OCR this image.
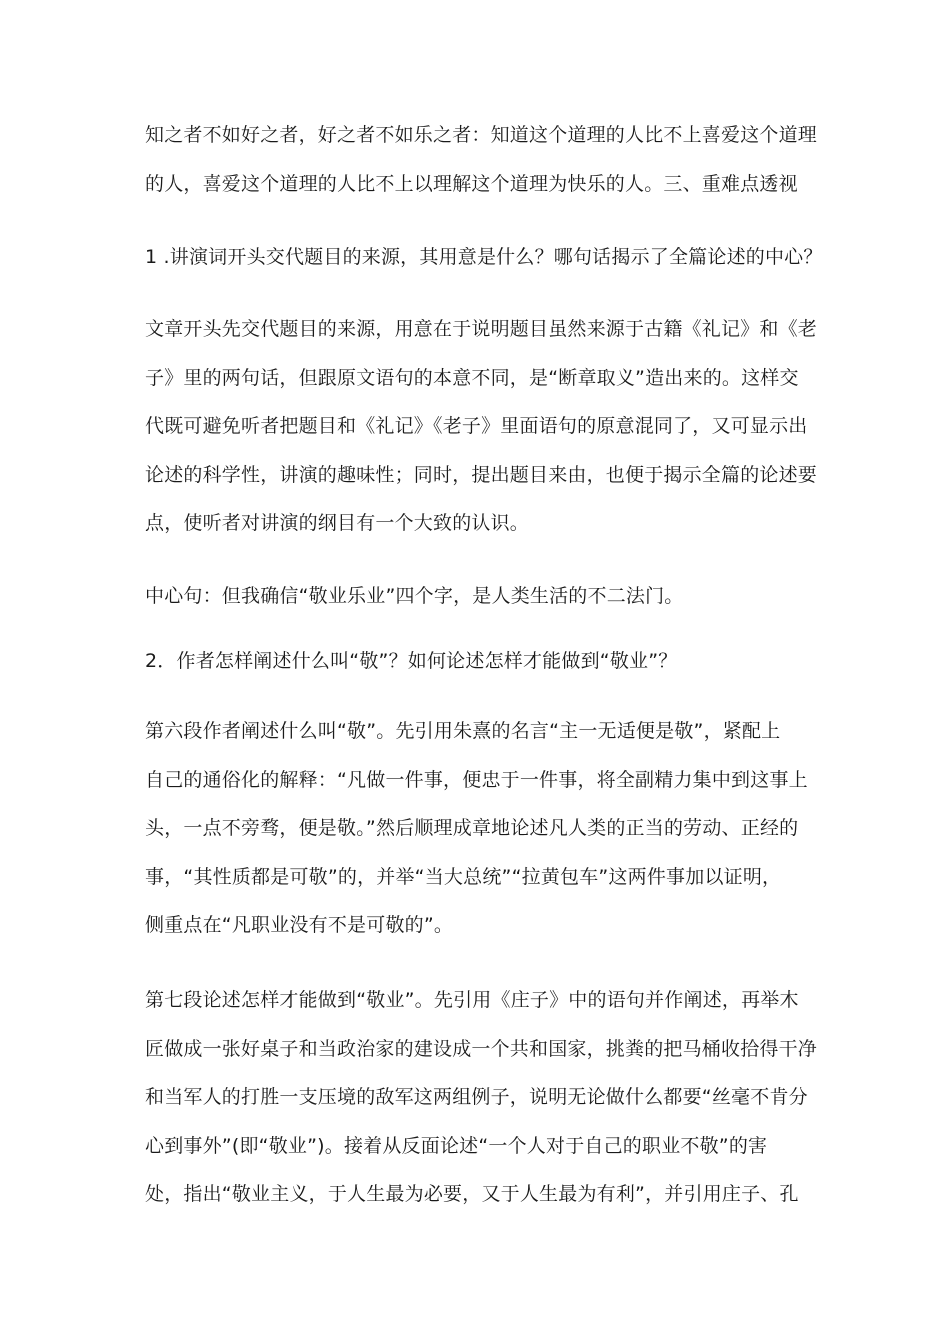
知之者不如好之者，好之者不如乐之者：知道这个道理的人比不上喜爱这个道理
的人，喜爱这个道理的人比不上以理解这个道理为快乐的人。三、重难点透视

1 .讲演词开头交代题目的来源，其用意是什么？哪句话揭示了全篇论述的中心？

文章开头先交代题目的来源，用意在于说明题目虽然来源于古籍《礼记》和《老
子》里的两句话，但跟原文语句的本意不同，是“断章取义”造出来的。这样交
代既可避免听者把题目和《礼记》《老子》里面语句的原意混同了，又可显示出
论述的科学性，讲演的趣味性；同时，提出题目来由，也便于揭示全篇的论述要
点，使听者对讲演的纲目有一个大致的认识。

中心句：但我确信“敬业乐业”四个字，是人类生活的不二法门。

2．作者怎样阐述什么叫“敬”？如何论述怎样才能做到“敬业”？

第六段作者阐述什么叫“敬”。先引用朱熹的名言“主一无适便是敬”，紧配上
自己的通俗化的解释：“凡做一件事，便忠于一件事，将全副精力集中到这事上
头，一点不旁骛，便是敬。”然后顺理成章地论述凡人类的正当的劳动、正经的
事，“其性质都是可敬”的，并举“当大总统”“拉黄包车”这两件事加以证明，
侧重点在“凡职业没有不是可敬的”。

第七段论述怎样才能做到“敬业”。先引用《庄子》中的语句并作阐述，再举木
匠做成一张好桌子和当政治家的建设成一个共和国家，挑粪的把马桶收拾得干净
和当军人的打胜一支压境的敌军这两组例子，说明无论做什么都要“丝毫不肯分
心到事外”(即“敬业”)。接着从反面论述“一个人对于自己的职业不敬”的害
处，指出“敬业主义，于人生最为必要，又于人生最为有利”，并引用庄子、孔
